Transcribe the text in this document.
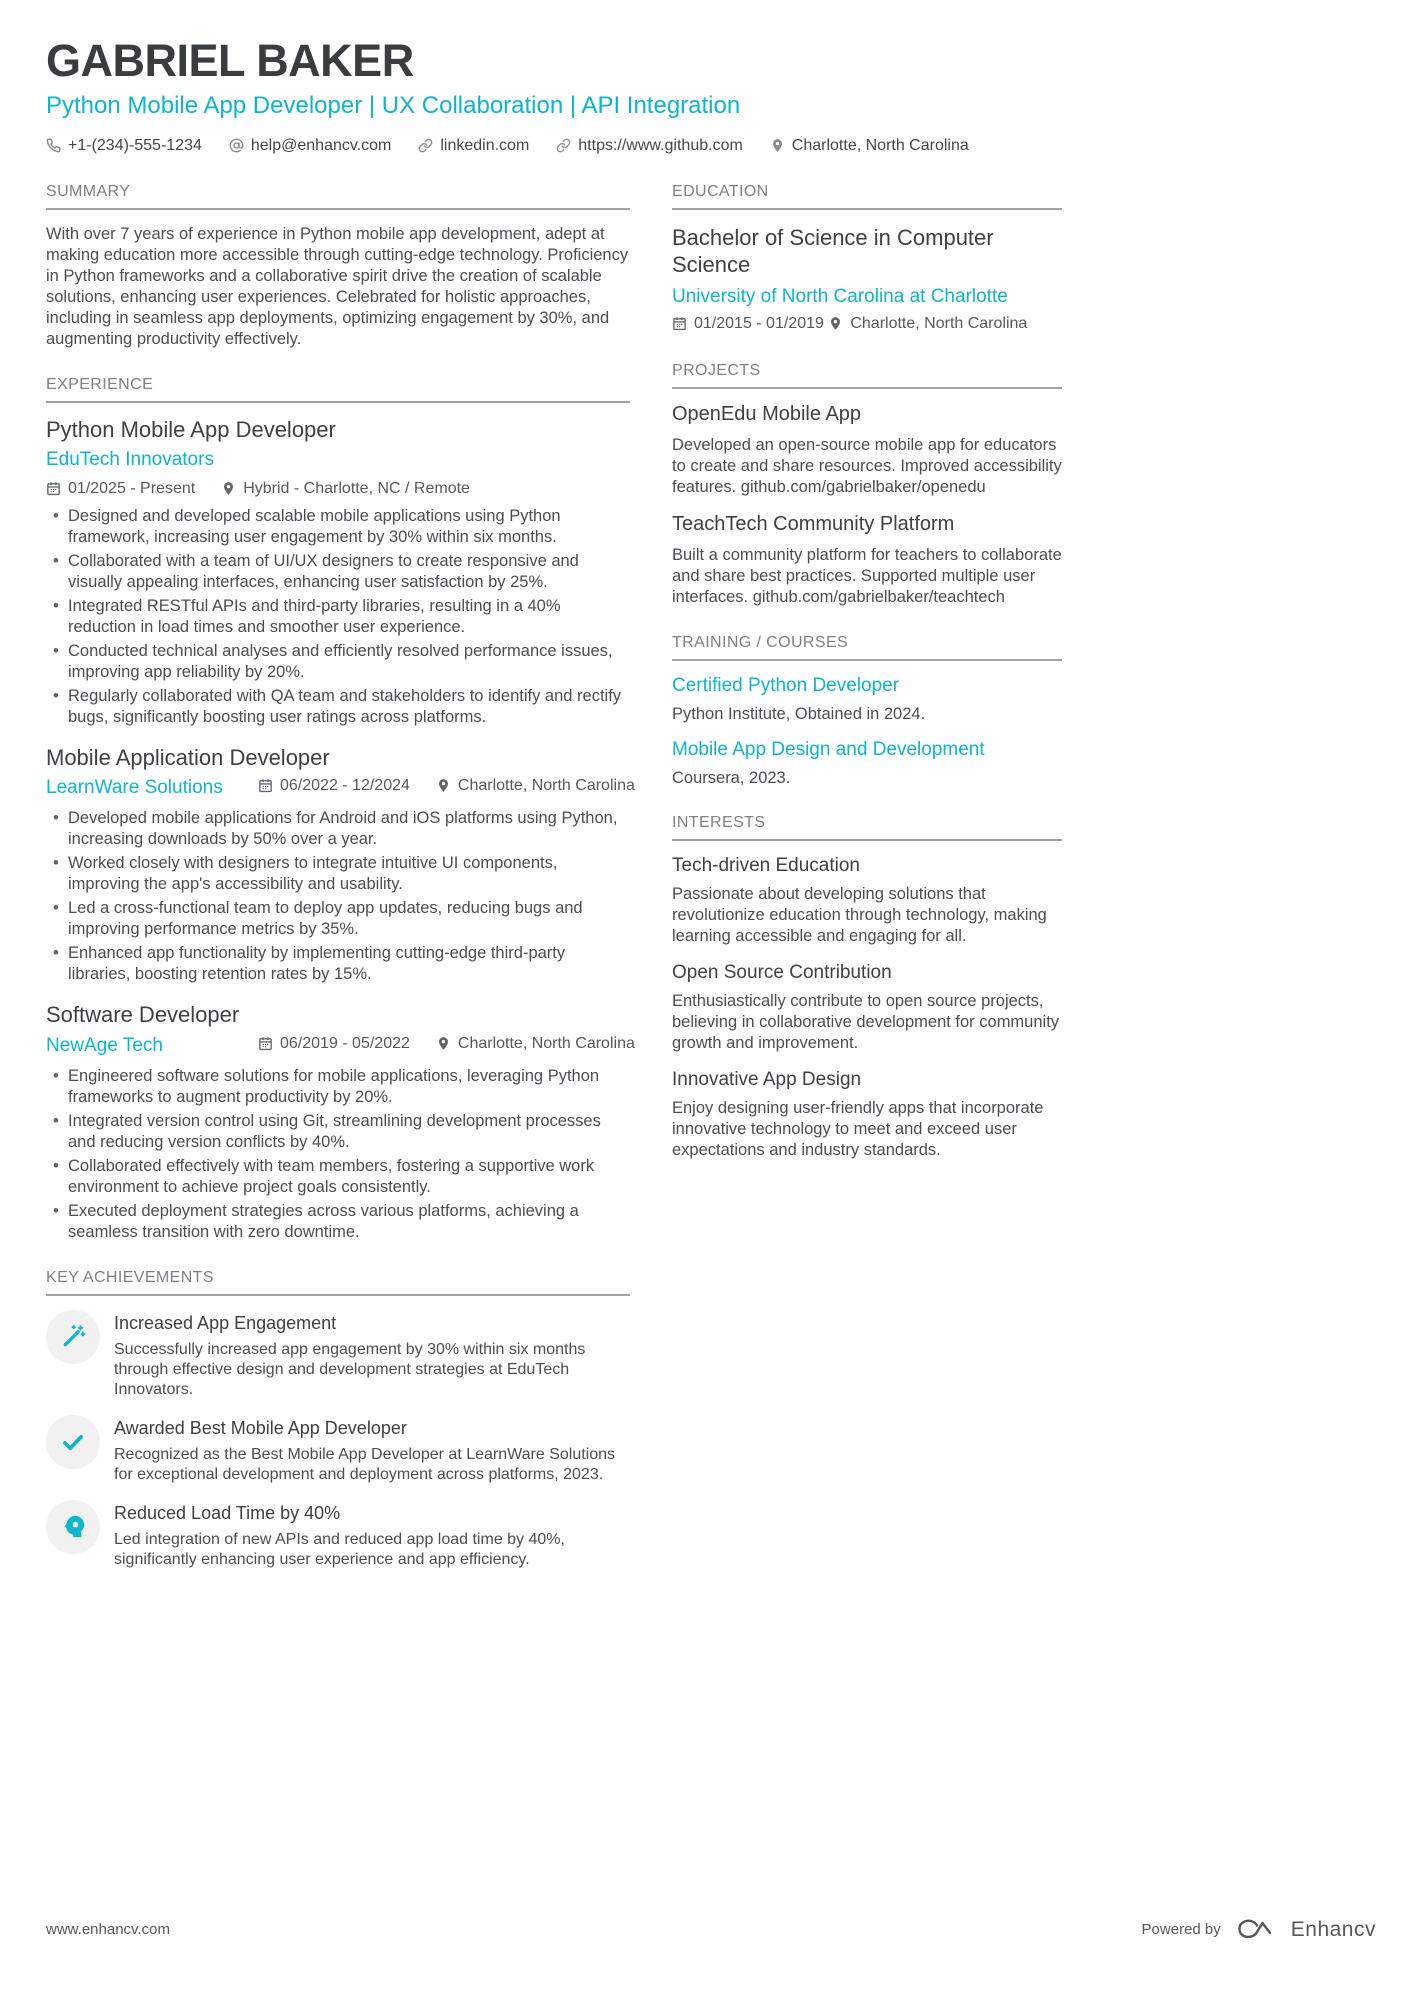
GABRIEL BAKER
Python Mobile App Developer | UX Collaboration | API Integration
+1-(234)-555-1234	help@enhancv.com	linkedin.com	https://www.github.com	Charlotte, North Carolina
SUMMARY

With over 7 years of experience in Python mobile app development, adept at making education more accessible through cutting-edge technology. Proficiency in Python frameworks and a collaborative spirit drive the creation of scalable solutions, enhancing user experiences. Celebrated for holistic approaches, including in seamless app deployments, optimizing engagement by 30%, and augmenting productivity effectively.

EXPERIENCE
Python Mobile App Developer
EduTech Innovators
01/2025 - Present	Hybrid - Charlotte, NC / Remote
• Designed and developed scalable mobile applications using Python framework, increasing user engagement by 30% within six months.
• Collaborated with a team of UI/UX designers to create responsive and visually appealing interfaces, enhancing user satisfaction by 25%.
• Integrated RESTful APIs and third-party libraries, resulting in a 40% reduction in load times and smoother user experience.
• Conducted technical analyses and efficiently resolved performance issues, improving app reliability by 20%.
• Regularly collaborated with QA team and stakeholders to identify and rectify bugs, significantly boosting user ratings across platforms.
Mobile Application Developer
LearnWare Solutions	06/2022 - 12/2024	Charlotte, North Carolina
• Developed mobile applications for Android and iOS platforms using Python, increasing downloads by 50% over a year.
• Worked closely with designers to integrate intuitive UI components, improving the app's accessibility and usability.
• Led a cross-functional team to deploy app updates, reducing bugs and improving performance metrics by 35%.
• Enhanced app functionality by implementing cutting-edge third-party libraries, boosting retention rates by 15%.
Software Developer
NewAge Tech	06/2019 - 05/2022	Charlotte, North Carolina
• Engineered software solutions for mobile applications, leveraging Python frameworks to augment productivity by 20%.
• Integrated version control using Git, streamlining development processes and reducing version conflicts by 40%.
• Collaborated effectively with team members, fostering a supportive work environment to achieve project goals consistently.
• Executed deployment strategies across various platforms, achieving a seamless transition with zero downtime.
KEY ACHIEVEMENTS
Increased App Engagement
Successfully increased app engagement by 30% within six months through effective design and development strategies at EduTech Innovators.
Awarded Best Mobile App Developer
Recognized as the Best Mobile App Developer at LearnWare Solutions for exceptional development and deployment across platforms, 2023.
Reduced Load Time by 40%
Led integration of new APIs and reduced app load time by 40%, significantly enhancing user experience and app efficiency.
EDUCATION
Bachelor of Science in Computer Science
University of North Carolina at Charlotte
01/2015 - 01/2019
Charlotte, North Carolina
PROJECTS
OpenEdu Mobile App
Developed an open-source mobile app for educators to create and share resources. Improved accessibility features. github.com/gabrielbaker/openedu
TeachTech Community Platform
Built a community platform for teachers to collaborate and share best practices. Supported multiple user interfaces. github.com/gabrielbaker/teachtech
TRAINING / COURSES
Certified Python Developer
Python Institute, Obtained in 2024.
Mobile App Design and Development
Coursera, 2023.
INTERESTS
Tech-driven Education
Passionate about developing solutions that revolutionize education through technology, making learning accessible and engaging for all.
Open Source Contribution
Enthusiastically contribute to open source projects, believing in collaborative development for community growth and improvement.
Innovative App Design
Enjoy designing user-friendly apps that incorporate innovative technology to meet and exceed user expectations and industry standards.
www.enhancv.com	Powered by	Enhancv
